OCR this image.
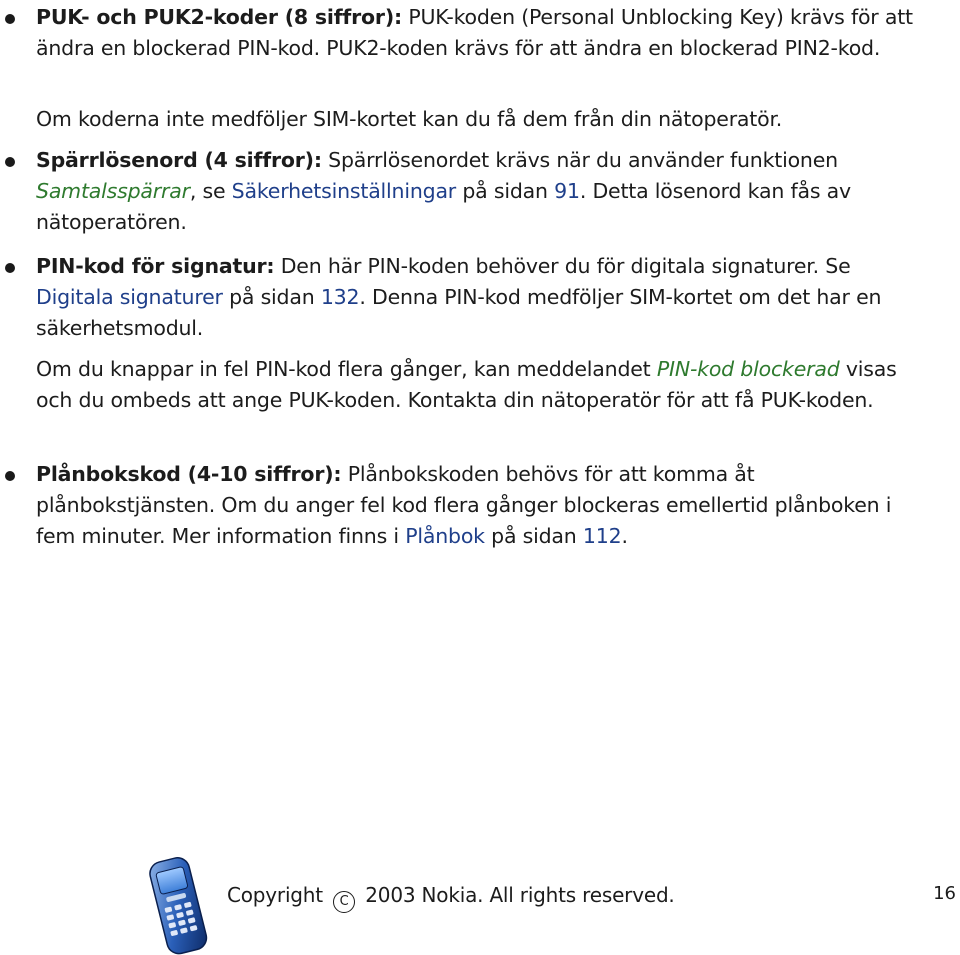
PUK- och PUK2-koder (8 siffror): PUK-koden (Personal Unblocking Key) krävs för att ändra en blockerad PIN-kod. PUK2-koden krävs för att ändra en blockerad PIN2-kod.
Om koderna inte medföljer SIM-kortet kan du få dem från din nätoperatör.
Spärrlösenord (4 siffror): Spärrlösenordet krävs när du använder funktionen Samtalsspärrar, se Säkerhetsinställningar på sidan 91. Detta lösenord kan fås av nätoperatören.
PIN-kod för signatur: Den här PIN-koden behöver du för digitala signaturer. Se Digitala signaturer på sidan 132. Denna PIN-kod medföljer SIM-kortet om det har en säkerhetsmodul.
Om du knappar in fel PIN-kod flera gånger, kan meddelandet PIN-kod blockerad visas och du ombeds att ange PUK-koden. Kontakta din nätoperatör för att få PUK-koden.
Plånbokskod (4-10 siffror): Plånbokskoden behövs för att komma åt plånbokstjänsten. Om du anger fel kod flera gånger blockeras emellertid plånboken i fem minuter. Mer information finns i Plånbok på sidan 112.
Copyright C 2003 Nokia. All rights reserved.	16
